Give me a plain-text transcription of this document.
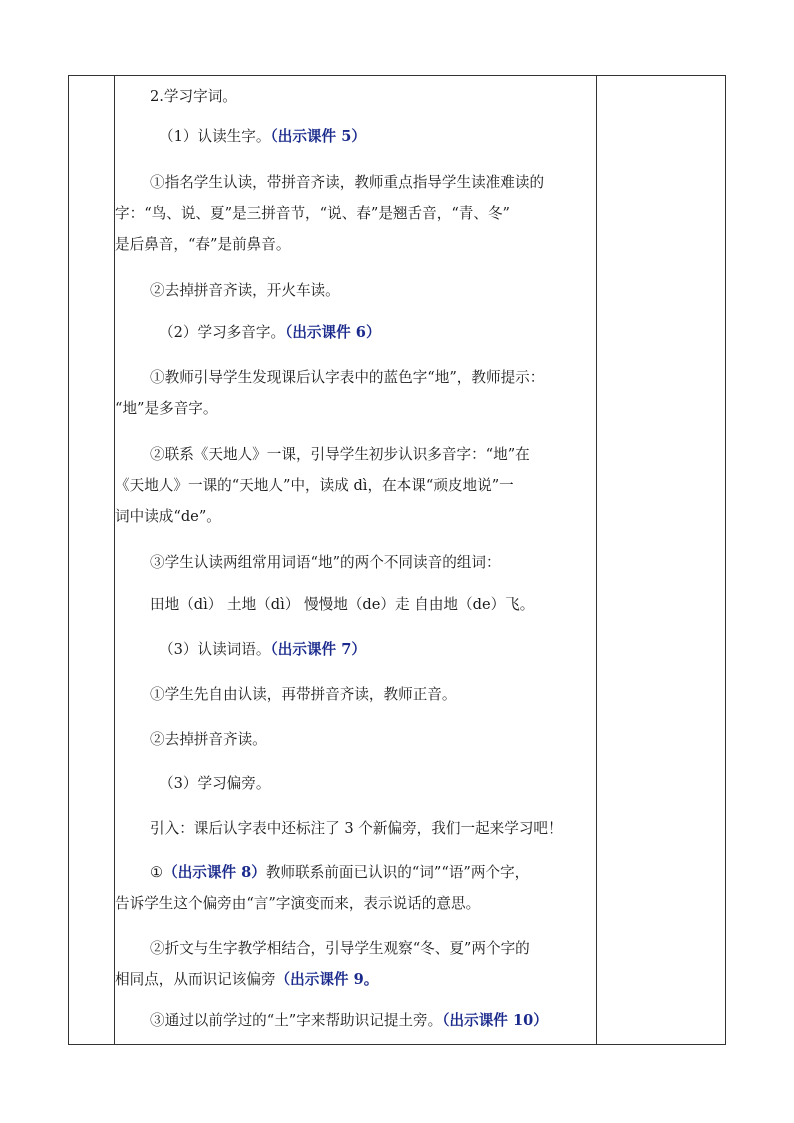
2.学习字词。
（1）认读生字。（出示课件 5）
①指名学生认读，带拼音齐读，教师重点指导学生读准难读的
字：“鸟、说、夏”是三拼音节，“说、春”是翘舌音，“青、冬”
是后鼻音，“春”是前鼻音。
②去掉拼音齐读，开火车读。
（2）学习多音字。（出示课件 6）
①教师引导学生发现课后认字表中的蓝色字“地”，教师提示：
“地”是多音字。
②联系《天地人》一课，引导学生初步认识多音字：“地”在
《天地人》一课的“天地人”中，读成 dì，在本课“顽皮地说”一
词中读成“de”。
③学生认读两组常用词语“地”的两个不同读音的组词：
田地（dì） 土地（dì） 慢慢地（de）走 自由地（de）飞。
（3）认读词语。（出示课件 7）
①学生先自由认读，再带拼音齐读，教师正音。
②去掉拼音齐读。
（3）学习偏旁。
引入：课后认字表中还标注了 3 个新偏旁，我们一起来学习吧！
①（出示课件 8）教师联系前面已认识的“词”“语”两个字，
告诉学生这个偏旁由“言”字演变而来，表示说话的意思。
②折文与生字教学相结合，引导学生观察“冬、夏”两个字的
相同点，从而识记该偏旁（出示课件 9。
③通过以前学过的“土”字来帮助识记提土旁。（出示课件 10）
